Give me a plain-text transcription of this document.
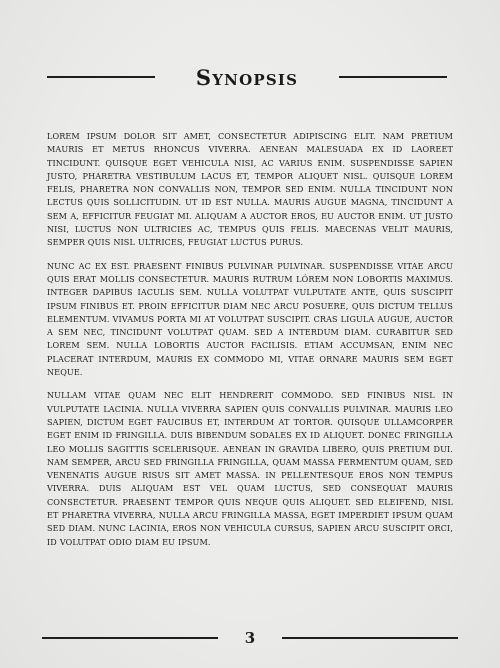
Synopsis

LOREM IPSUM DOLOR SIT AMET, CONSECTETUR ADIPISCING ELIT. NAM PRETIUM MAURIS ET METUS RHONCUS VIVERRA. AENEAN MALESUADA EX ID LAOREET TINCIDUNT. QUISQUE EGET VEHICULA NISI, AC VARIUS ENIM. SUSPENDISSE SAPIEN JUSTO, PHARETRA VESTIBULUM LACUS ET, TEMPOR ALIQUET NISL. QUISQUE LOREM FELIS, PHARETRA NON CONVALLIS NON, TEMPOR SED ENIM. NULLA TINCIDUNT NON LECTUS QUIS SOLLICITUDIN. UT ID EST NULLA. MAURIS AUGUE MAGNA, TINCIDUNT A SEM A, EFFICITUR FEUGIAT MI. ALIQUAM A AUCTOR EROS, EU AUCTOR ENIM. UT JUSTO NISI, LUCTUS NON ULTRICIES AC, TEMPUS QUIS FELIS. MAECENAS VELIT MAURIS, SEMPER QUIS NISL ULTRICES, FEUGIAT LUCTUS PURUS.

NUNC AC EX EST. PRAESENT FINIBUS PULVINAR PULVINAR. SUSPENDISSE VITAE ARCU QUIS ERAT MOLLIS CONSECTETUR. MAURIS RUTRUM LÓREM NON LOBORTIS MAXIMUS. INTEGER DAPIBUS IACULIS SEM. NULLA VOLUTPAT VULPUTATE ANTE, QUIS SUSCIPIT IPSUM FINIBUS ET. PROIN EFFICITUR DIAM NEC ARCU POSUERE, QUIS DICTUM TELLUS ELEMENTUM. VIVAMUS PORTA MI AT VOLUTPAT SUSCIPIT. CRAS LIGULA AUGUE, AUCTOR A SEM NEC, TINCIDUNT VOLUTPAT QUAM. SED A INTERDUM DIAM. CURABITUR SED LOREM SEM. NULLA LOBORTIS AUCTOR FACILISIS. ETIAM ACCUMSAN, ENIM NEC PLACERAT INTERDUM, MAURIS EX COMMODO MI, VITAE ORNARE MAURIS SEM EGET NEQUE.

NULLAM VITAE QUAM NEC ELIT HENDRERIT COMMODO. SED FINIBUS NISL IN VULPUTATE LACINIA. NULLA VIVERRA SAPIEN QUIS CONVALLIS PULVINAR. MAURIS LEO SAPIEN, DICTUM EGET FAUCIBUS ET, INTERDUM AT TORTOR. QUISQUE ULLAMCORPER EGET ENIM ID FRINGILLA. DUIS BIBENDUM SODALES EX ID ALIQUET. DONEC FRINGILLA LEO MOLLIS SAGITTIS SCELERISQUE. AENEAN IN GRAVIDA LIBERO, QUIS PRETIUM DUI. NAM SEMPER, ARCU SED FRINGILLA FRINGILLA, QUAM MASSA FERMENTUM QUAM, SED VENENATIS AUGUE RISUS SIT AMET MASSA. IN PELLENTESQUE EROS NON TEMPUS VIVERRA. DUIS ALIQUAM EST VEL QUAM LUCTUS, SED CONSEQUAT MAURIS CONSECTETUR. PRAESENT TEMPOR QUIS NEQUE QUIS ALIQUET. SED ELEIFEND, NISL ET PHARETRA VIVERRA, NULLA ARCU FRINGILLA MASSA, EGET IMPERDIET IPSUM QUAM SED DIAM. NUNC LACINIA, EROS NON VEHICULA CURSUS, SAPIEN ARCU SUSCIPIT ORCI, ID VOLUTPAT ODIO DIAM EU IPSUM.

3
